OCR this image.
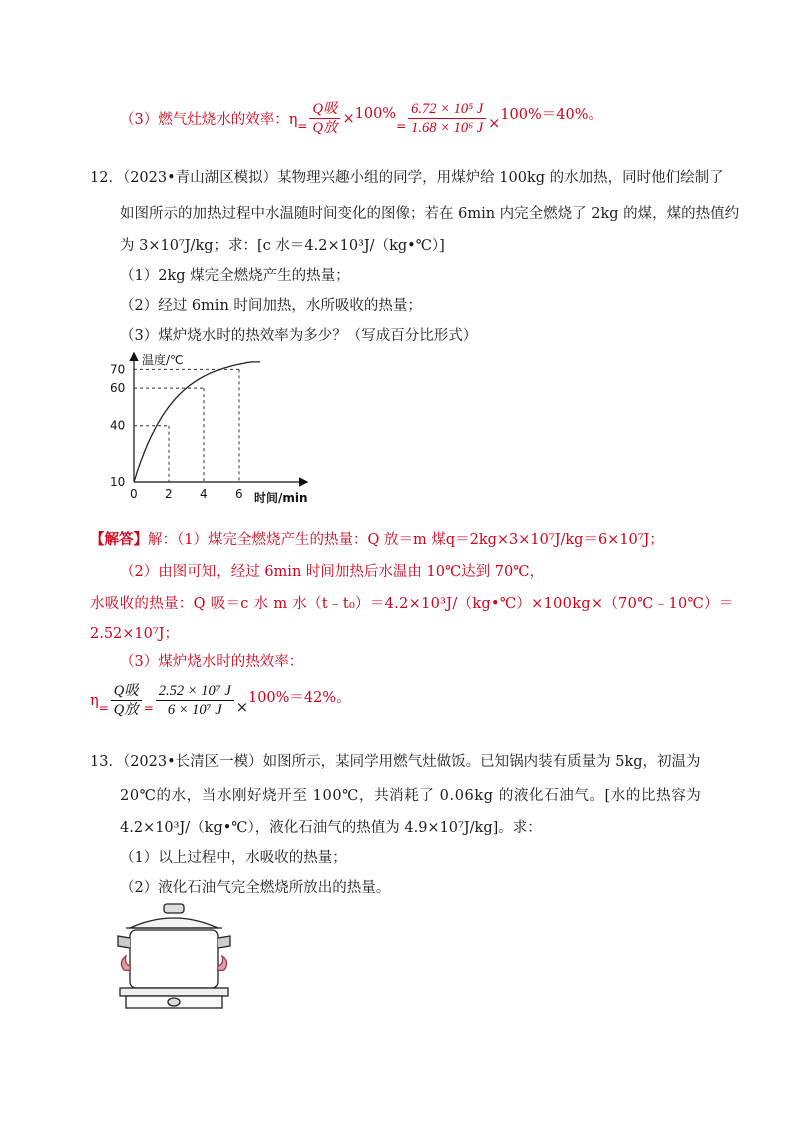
（3）燃气灶烧水的效率：$\eta = \frac{\text{Q吸}}{\text{Q放}} \times 100\%$
= $\frac{\text{6.72 × 10⁵ J}}{\text{1.68 × 10⁶ J}}$ ×
100%＝40%。
12．（2023•青山湖区模拟）某物理兴趣小组的同学，用煤炉给 100kg 的水加热，同时他们绘制了
如图所示的加热过程中水温随时间变化的图像；若在 6min 内完全燃烧了 2kg 的煤，煤的热值约
为 3×10⁷J/kg；求：[c 水＝4.2×10³J/（kg•℃）]
（1）2kg 煤完全燃烧产生的热量；
（2）经过 6min 时间加热，水所吸收的热量；
（3）煤炉烧水时的热效率为多少？（写成百分比形式）
温度/℃
时间/min
0 2 4 6
10
40
60
70
【解答】解：（1）煤完全燃烧产生的热量：Q 放＝m 煤q＝2kg×3×10⁷J/kg＝6×10⁷J；
（2）由图可知，经过 6min 时间加热后水温由 10℃达到 70℃，
水吸收的热量：Q 吸＝c 水 m 水（t﹣t₀）＝4.2×10³J/（kg•℃）×100kg×（70℃﹣10℃）＝
2.52×10⁷J；
（3）煤炉烧水时的热效率：
$\eta = \frac{\text{Q吸}}{\text{Q放}} = \frac{\text{2.52 × 10⁷ J}}{\text{6 × 10⁷ J}}$ ×
100%＝42%。
13．（2023•长清区一模）如图所示，某同学用燃气灶做饭。已知锅内装有质量为 5kg，初温为
20℃的水，当水刚好烧开至 100℃，共消耗了 0.06kg 的液化石油气。[水的比热容为
4.2×10³J/（kg•℃），液化石油气的热值为 4.9×10⁷J/kg]。求：
（1）以上过程中，水吸收的热量；
（2）液化石油气完全燃烧所放出的热量。
